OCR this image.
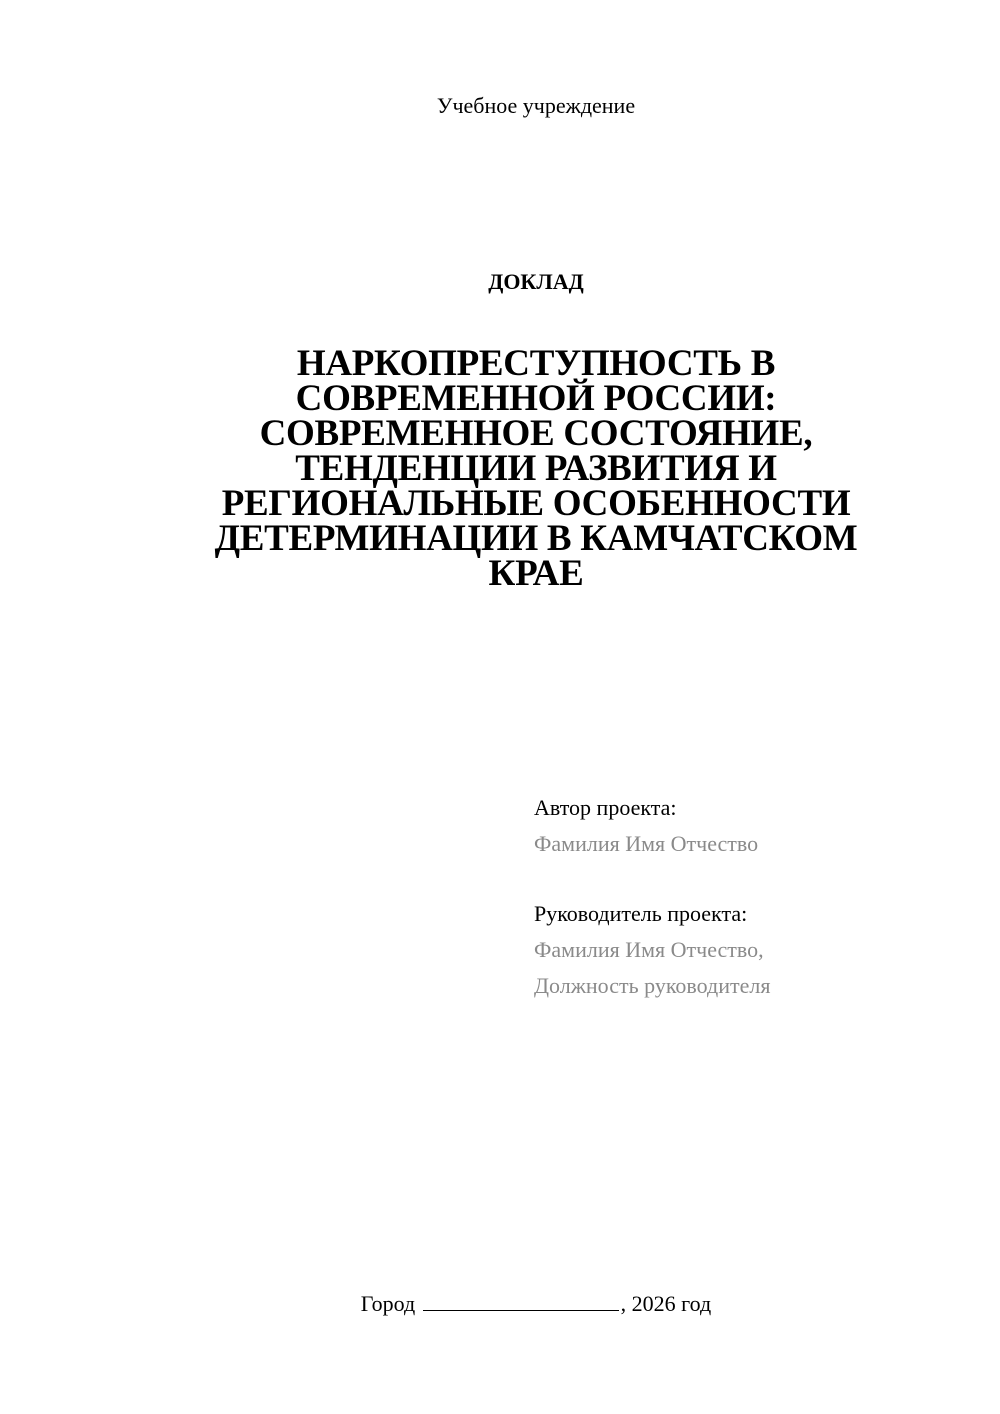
Учебное учреждение
ДОКЛАД
НАРКОПРЕСТУПНОСТЬ В
СОВРЕМЕННОЙ РОССИИ:
СОВРЕМЕННОЕ СОСТОЯНИЕ,
ТЕНДЕНЦИИ РАЗВИТИЯ И
РЕГИОНАЛЬНЫЕ ОСОБЕННОСТИ
ДЕТЕРМИНАЦИИ В КАМЧАТСКОМ
КРАЕ
Автор проекта:
Фамилия Имя Отчество
Руководитель проекта:
Фамилия Имя Отчество,
Должность руководителя
Город	, 2026 год
